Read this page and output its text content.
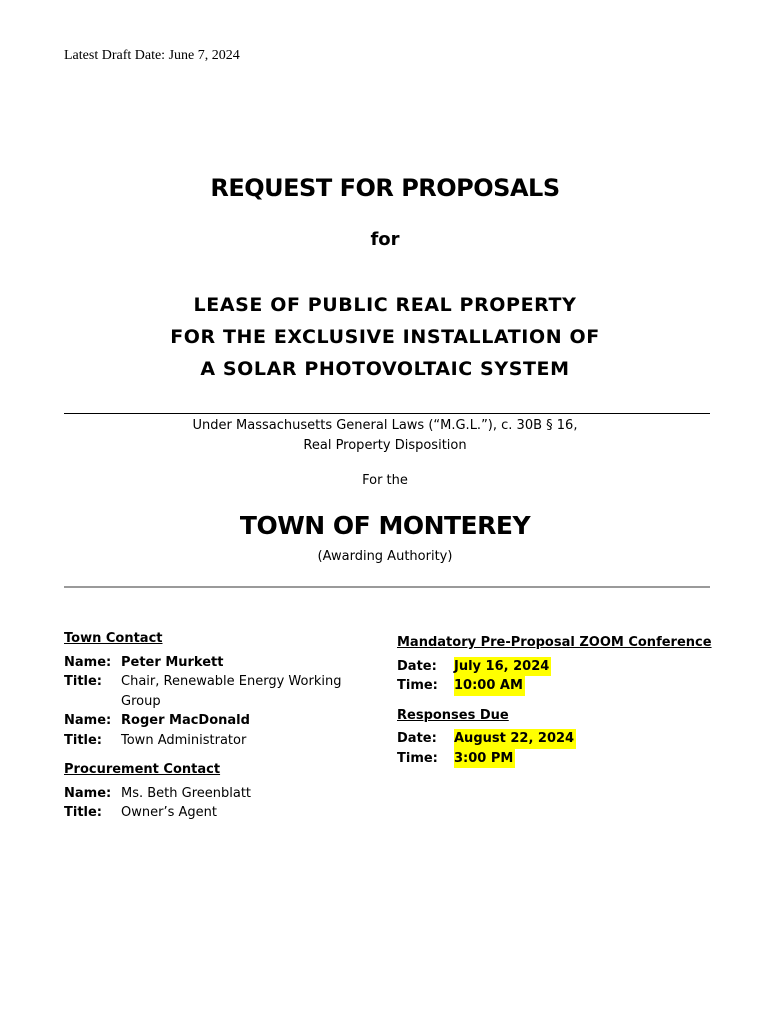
Latest Draft Date: June 7, 2024
REQUEST FOR PROPOSALS
for
LEASE OF PUBLIC REAL PROPERTY
FOR THE EXCLUSIVE INSTALLATION OF
A SOLAR PHOTOVOLTAIC SYSTEM
Under Massachusetts General Laws (“M.G.L.”), c. 30B § 16,
Real Property Disposition
For the
TOWN OF MONTEREY
(Awarding Authority)
Town Contact
Name: Peter Murkett
Title:	Chair, Renewable Energy Working Group
Name: Roger MacDonald
Title:	Town Administrator
Procurement Contact
Name: Ms. Beth Greenblatt
Title:	Owner’s Agent
Mandatory Pre-Proposal ZOOM Conference
Date:	July 16, 2024
Time:	10:00 AM
Responses Due
Date:	August 22, 2024
Time:	3:00 PM
